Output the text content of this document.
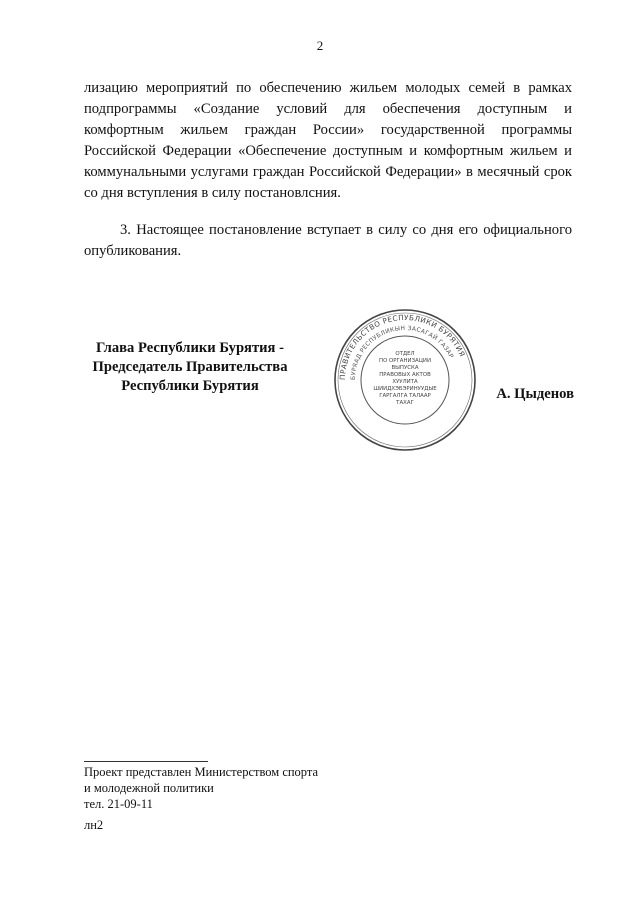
2

лизацию мероприятий по обеспечению жильем молодых семей в рамках подпрограммы «Создание условий для обеспечения доступным и комфортным жильем граждан России» государственной программы Российской Федерации «Обеспечение доступным и комфортным жильем и коммунальными услугами граждан Российской Федерации» в месячный срок со дня вступления в силу постановлсния.

3. Настоящее постановление вступает в силу со дня его официального опубликования.

Глава Республики Бурятия -
Председатель Правительства
Республики Бурятия
ПРАВИТЕЛЬСТВО РЕСПУБЛИКИ БУРЯТИЯ
БУРЯАД РЕСПУБЛИКЫН ЗАСАГАЙ ГАЗАР
ОТДЕЛ
ПО ОРГАНИЗАЦИИ
ВЫПУСКА
ПРАВОВЫХ АКТОВ
ХУУЛИТА
ШИИДХЭБЭРИНУУДЫЕ
ГАРГАЛГА ТАЛААР
ТАХАГ
А. Цыденов
Проект представлен Министерством спорта
и молодежной политики
тел. 21-09-11
лн2
